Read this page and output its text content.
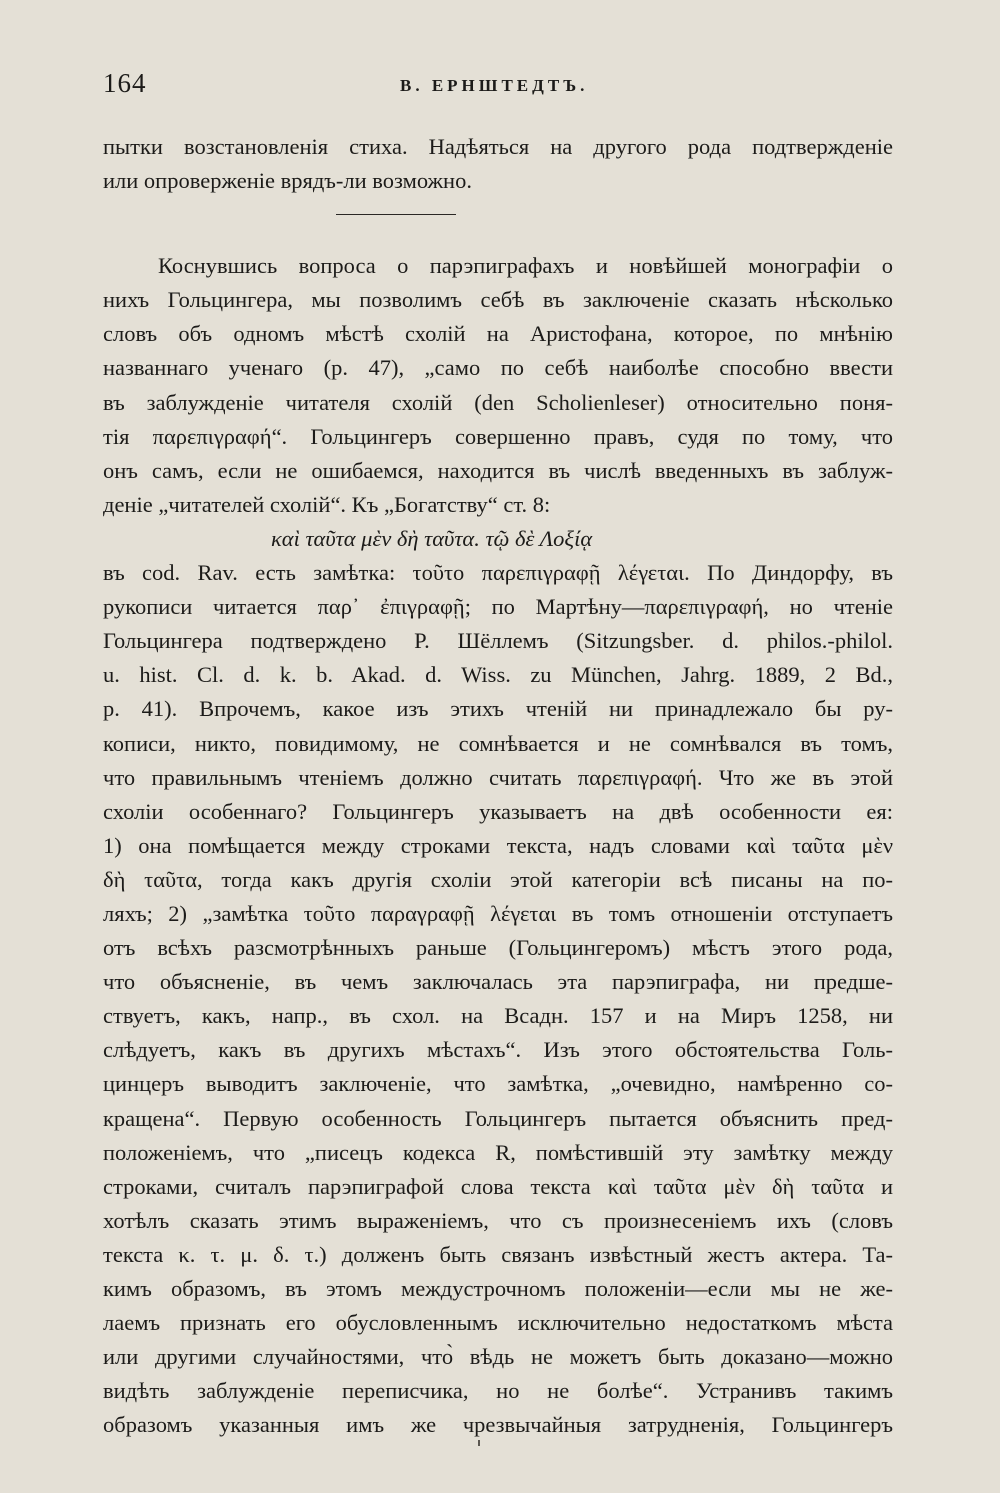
164	В. ЕРНШТЕДТЪ.
пытки возстановленія стиха. Надѣяться на другого рода подтвержденіе
или опроверженіе врядъ-ли возможно.
Коснувшись вопроса о парэпиграфахъ и новѣйшей монографіи о
нихъ Гольцингера, мы позволимъ себѣ въ заключеніе сказать нѣсколько
словъ объ одномъ мѣстѣ схолій на Аристофана, которое, по мнѣнію
названнаго ученаго (p. 47), „само по себѣ наиболѣе способно ввести
въ заблужденіе читателя схолій (den Scholienleser) относительно поня-
тія παρεπιγραφή“. Гольцингеръ совершенно правъ, судя по тому, что
онъ самъ, если не ошибаемся, находится въ числѣ введенныхъ въ заблуж-
деніе „читателей схолій“. Къ „Богатству“ ст. 8:
καὶ ταῦτα μὲν δὴ ταῦτα. τῷ δὲ Λοξίᾳ
въ cod. Rav. есть замѣтка: τοῦτο παρεπιγραφῇ λέγεται. По Диндорфу, въ
рукописи читается παρ᾽ ἐπιγραφῇ; по Мартѣну—παρεπιγραφή, но чтеніе
Гольцингера подтверждено P. Шёллемъ (Sitzungsber. d. philos.-philol.
u. hist. Cl. d. k. b. Akad. d. Wiss. zu München, Jahrg. 1889, 2 Bd.,
p. 41). Впрочемъ, какое изъ этихъ чтеній ни принадлежало бы ру-
кописи, никто, повидимому, не сомнѣвается и не сомнѣвался въ томъ,
что правильнымъ чтеніемъ должно считать παρεπιγραφή. Что же въ этой
схоліи особеннаго? Гольцингеръ указываетъ на двѣ особенности ея:
1) она помѣщается между строками текста, надъ словами καὶ ταῦτα μὲν
δὴ ταῦτα, тогда какъ другія схоліи этой категоріи всѣ писаны на по-
ляхъ; 2) „замѣтка τοῦτο παραγραφῇ λέγεται въ томъ отношеніи отступаетъ
отъ всѣхъ разсмотрѣнныхъ раньше (Гольцингеромъ) мѣстъ этого рода,
что объясненіе, въ чемъ заключалась эта парэпиграфа, ни предше-
ствуетъ, какъ, напр., въ схол. на Всадн. 157 и на Миръ 1258, ни
слѣдуетъ, какъ въ другихъ мѣстахъ“. Изъ этого обстоятельства Голь-
цинцеръ выводитъ заключеніе, что замѣтка, „очевидно, намѣренно со-
кращена“. Первую особенность Гольцингеръ пытается объяснить пред-
положеніемъ, что „писецъ кодекса R, помѣстившій эту замѣтку между
строками, считалъ парэпиграфой слова текста καὶ ταῦτα μὲν δὴ ταῦτα и
хотѣлъ сказать этимъ выраженіемъ, что съ произнесеніемъ ихъ (словъ
текста κ. τ. μ. δ. τ.) долженъ быть связанъ извѣстный жестъ актера. Та-
кимъ образомъ, въ этомъ междустрочномъ положеніи—если мы не же-
лаемъ признать его обусловленнымъ исключительно недостаткомъ мѣста
или другими случайностями, что̀ вѣдь не можетъ быть доказано—можно
видѣть заблужденіе переписчика, но не болѣе“. Устранивъ такимъ
образомъ указанныя имъ же чрезвычайныя затрудненія, Гольцингеръ
